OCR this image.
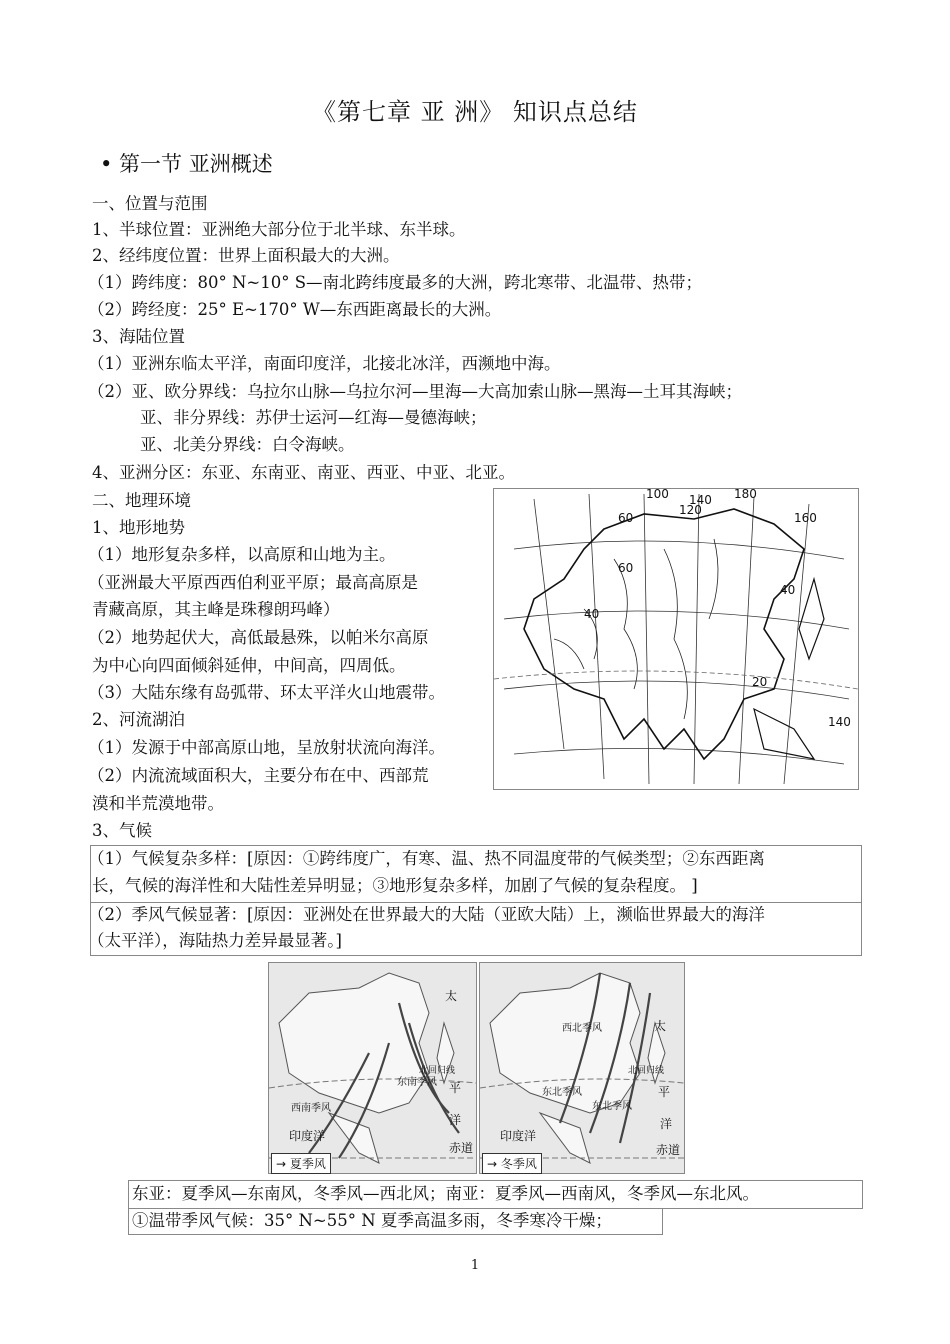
《第七章 亚 洲》 知识点总结
• 第一节 亚洲概述
一、位置与范围
1、半球位置：亚洲绝大部分位于北半球、东半球。
2、经纬度位置：世界上面积最大的大洲。
（1）跨纬度：80° N~10° S—南北跨纬度最多的大洲，跨北寒带、北温带、热带；
（2）跨经度：25° E~170° W—东西距离最长的大洲。
3、海陆位置
（1）亚洲东临太平洋，南面印度洋，北接北冰洋，西濒地中海。
（2）亚、欧分界线：乌拉尔山脉—乌拉尔河—里海—大高加索山脉—黑海—土耳其海峡；
亚、非分界线：苏伊士运河—红海—曼德海峡；
亚、北美分界线：白令海峡。
4、亚洲分区：东亚、东南亚、南亚、西亚、中亚、北亚。
二、地理环境
1、地形地势
（1）地形复杂多样，以高原和山地为主。
（亚洲最大平原西西伯利亚平原；最高高原是
青藏高原，其主峰是珠穆朗玛峰）
（2）地势起伏大，高低最悬殊，以帕米尔高原
为中心向四面倾斜延伸，中间高，四周低。
（3）大陆东缘有岛弧带、环太平洋火山地震带。
2、河流湖泊
（1）发源于中部高原山地，呈放射状流向海洋。
（2）内流流域面积大，主要分布在中、西部荒
漠和半荒漠地带。
3、气候
（1）气候复杂多样：[原因：①跨纬度广，有寒、温、热不同温度带的气候类型；②东西距离
长，气候的海洋性和大陆性差异明显；③地形复杂多样，加剧了气候的复杂程度。 ]
（2）季风气候显著：[原因：亚洲处在世界最大的大陆（亚欧大陆）上，濒临世界最大的海洋
（太平洋），海陆热力差异最显著。]
100 140 180
60
120
160
60
40
20
40
140
太
平
洋
印度洋
赤道
西南季风
东南季风
北回归线
→ 夏季风
太
平
洋
印度洋
赤道
西北季风
东北季风
东北季风
北回归线
→ 冬季风
东亚：夏季风—东南风，冬季风—西北风；南亚：夏季风—西南风，冬季风—东北风。
①温带季风气候：35° N~55° N 夏季高温多雨，冬季寒冷干燥；
1
